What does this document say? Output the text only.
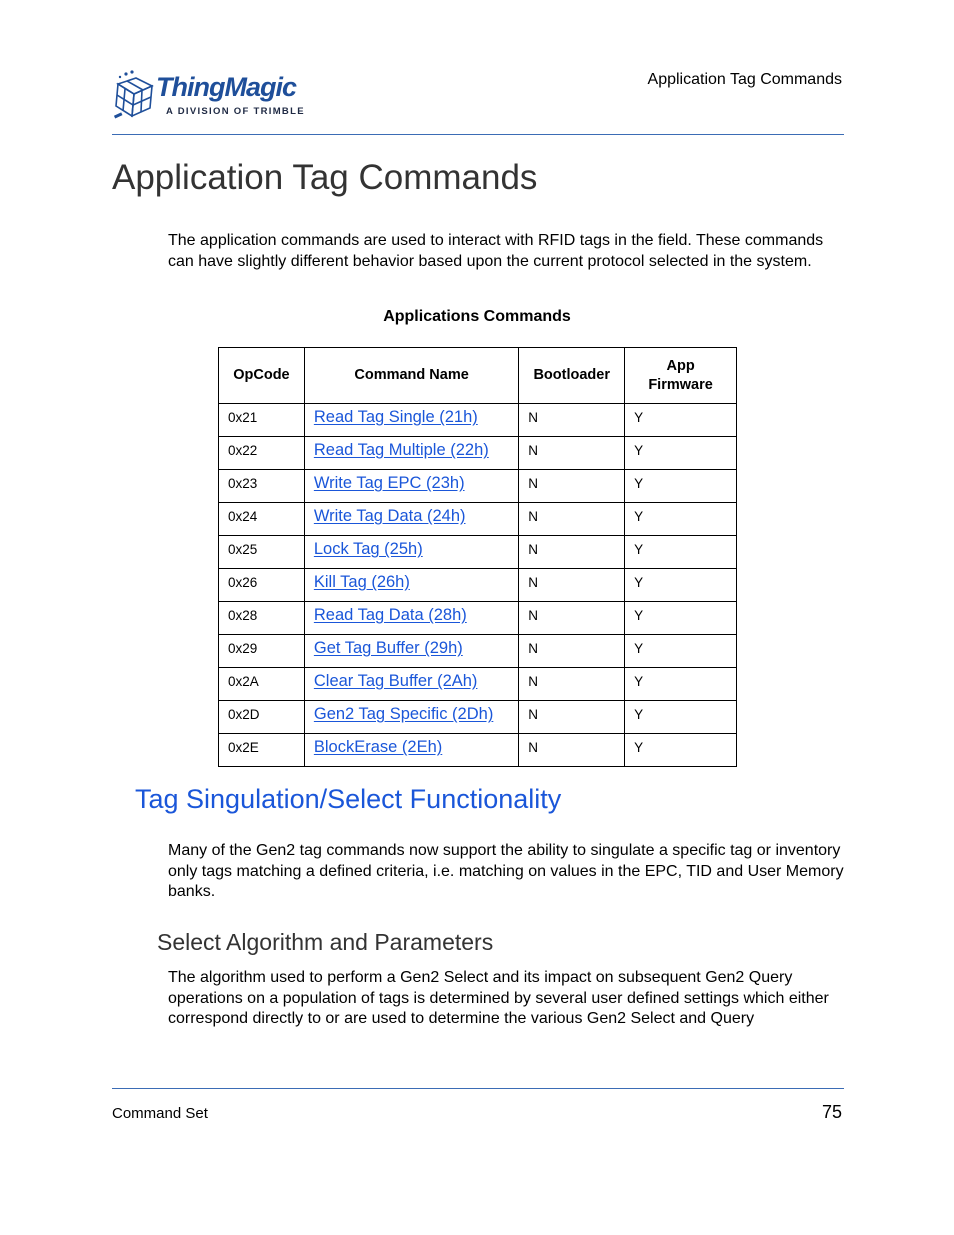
ThingMagic
A DIVISION OF TRIMBLE
Application Tag Commands
Application Tag Commands

The application commands are used to interact with RFID tags in the field. These commands can have slightly different behavior based upon the current protocol selected in the system.

Applications Commands
OpCode	Command Name	Bootloader	App Firmware

0x21	Read Tag Single (21h)	N	Y

0x22	Read Tag Multiple (22h)	N	Y

0x23	Write Tag EPC (23h)	N	Y

0x24	Write Tag Data (24h)	N	Y

0x25	Lock Tag (25h)	N	Y

0x26	Kill Tag (26h)	N	Y

0x28	Read Tag Data (28h)	N	Y

0x29	Get Tag Buffer (29h)	N	Y

0x2A	Clear Tag Buffer (2Ah)	N	Y

0x2D	Gen2 Tag Specific (2Dh)	N	Y

0x2E	BlockErase (2Eh)	N	Y
Tag Singulation/Select Functionality

Many of the Gen2 tag commands now support the ability to singulate a specific tag or inventory only tags matching a defined criteria, i.e. matching on values in the EPC, TID and User Memory banks.

Select Algorithm and Parameters

The algorithm used to perform a Gen2 Select and its impact on subsequent Gen2 Query operations on a population of tags is determined by several user defined settings which either correspond directly to or are used to determine the various Gen2 Select and Query

Command Set	75
